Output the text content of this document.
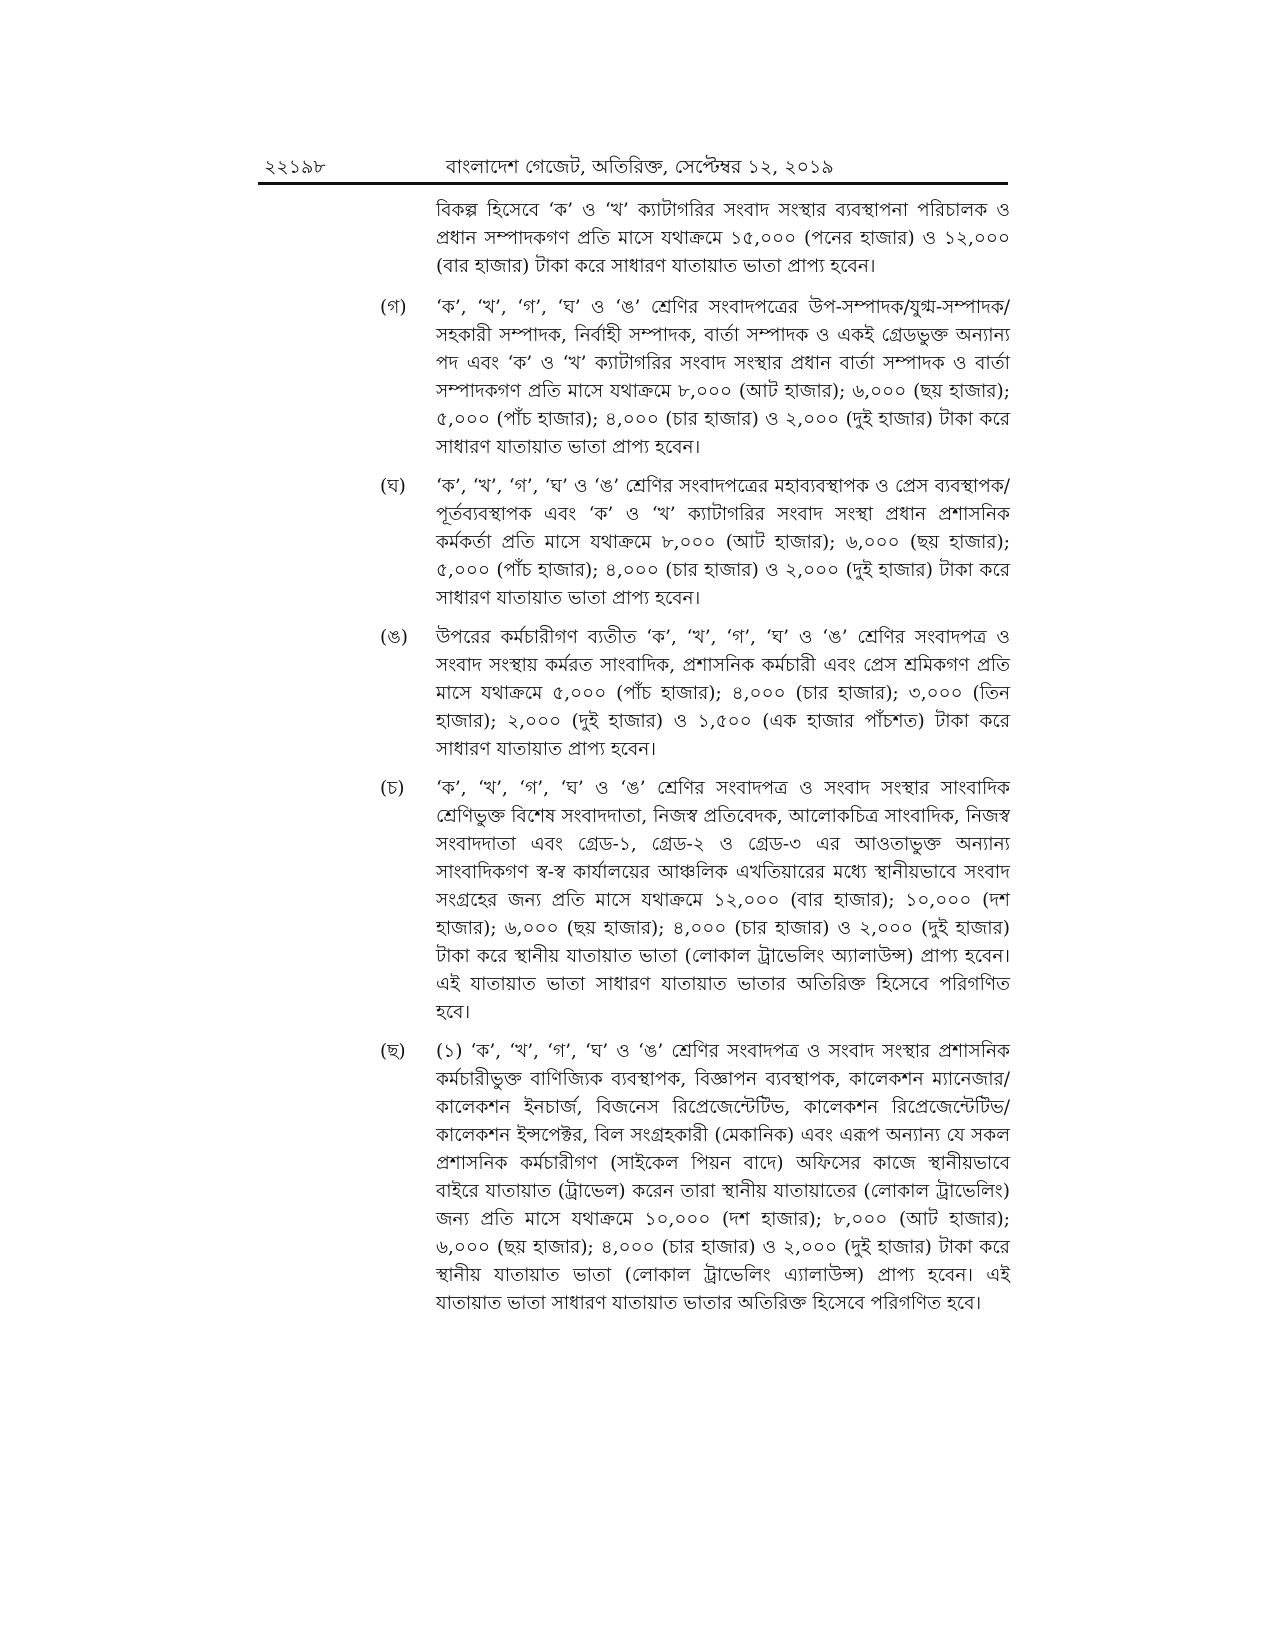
২২১৯৮	বাংলাদেশ গেজেট, অতিরিক্ত, সেপ্টেম্বর ১২, ২০১৯

বিকল্প হিসেবে ‘ক’ ও ‘খ’ ক্যাটাগরির সংবাদ সংস্থার ব্যবস্থাপনা পরিচালক ও প্রধান সম্পাদকগণ প্রতি মাসে যথাক্রমে ১৫,০০০ (পনের হাজার) ও ১২,০০০ (বার হাজার) টাকা করে সাধারণ যাতায়াত ভাতা প্রাপ্য হবেন।

(গ)	‘ক’, ‘খ’, ‘গ’, ‘ঘ’ ও ‘ঙ’ শ্রেণির সংবাদপত্রের উপ-সম্পাদক/যুগ্ম-সম্পাদক/সহকারী সম্পাদক, নির্বাহী সম্পাদক, বার্তা সম্পাদক ও একই গ্রেডভুক্ত অন্যান্য পদ এবং ‘ক’ ও ‘খ’ ক্যাটাগরির সংবাদ সংস্থার প্রধান বার্তা সম্পাদক ও বার্তা সম্পাদকগণ প্রতি মাসে যথাক্রমে ৮,০০০ (আট হাজার); ৬,০০০ (ছয় হাজার); ৫,০০০ (পাঁচ হাজার); ৪,০০০ (চার হাজার) ও ২,০০০ (দুই হাজার) টাকা করে সাধারণ যাতায়াত ভাতা প্রাপ্য হবেন।

(ঘ)	‘ক’, ‘খ’, ‘গ’, ‘ঘ’ ও ‘ঙ’ শ্রেণির সংবাদপত্রের মহাব্যবস্থাপক ও প্রেস ব্যবস্থাপক/পূর্তব্যবস্থাপক এবং ‘ক’ ও ‘খ’ ক্যাটাগরির সংবাদ সংস্থা প্রধান প্রশাসনিক কর্মকর্তা প্রতি মাসে যথাক্রমে ৮,০০০ (আট হাজার); ৬,০০০ (ছয় হাজার); ৫,০০০ (পাঁচ হাজার); ৪,০০০ (চার হাজার) ও ২,০০০ (দুই হাজার) টাকা করে সাধারণ যাতায়াত ভাতা প্রাপ্য হবেন।

(ঙ)	উপরের কর্মচারীগণ ব্যতীত ‘ক’, ‘খ’, ‘গ’, ‘ঘ’ ও ‘ঙ’ শ্রেণির সংবাদপত্র ও সংবাদ সংস্থায় কর্মরত সাংবাদিক, প্রশাসনিক কর্মচারী এবং প্রেস শ্রমিকগণ প্রতি মাসে যথাক্রমে ৫,০০০ (পাঁচ হাজার); ৪,০০০ (চার হাজার); ৩,০০০ (তিন হাজার); ২,০০০ (দুই হাজার) ও ১,৫০০ (এক হাজার পাঁচশত) টাকা করে সাধারণ যাতায়াত প্রাপ্য হবেন।

(চ)	‘ক’, ‘খ’, ‘গ’, ‘ঘ’ ও ‘ঙ’ শ্রেণির সংবাদপত্র ও সংবাদ সংস্থার সাংবাদিক শ্রেণিভুক্ত বিশেষ সংবাদদাতা, নিজস্ব প্রতিবেদক, আলোকচিত্র সাংবাদিক, নিজস্ব সংবাদদাতা এবং গ্রেড-১, গ্রেড-২ ও গ্রেড-৩ এর আওতাভুক্ত অন্যান্য সাংবাদিকগণ স্ব-স্ব কার্যালয়ের আঞ্চলিক এখতিয়ারের মধ্যে স্থানীয়ভাবে সংবাদ সংগ্রহের জন্য প্রতি মাসে যথাক্রমে ১২,০০০ (বার হাজার); ১০,০০০ (দশ হাজার); ৬,০০০ (ছয় হাজার); ৪,০০০ (চার হাজার) ও ২,০০০ (দুই হাজার) টাকা করে স্থানীয় যাতায়াত ভাতা (লোকাল ট্রাভেলিং অ্যালাউন্স) প্রাপ্য হবেন। এই যাতায়াত ভাতা সাধারণ যাতায়াত ভাতার অতিরিক্ত হিসেবে পরিগণিত হবে।

(ছ)	(১) ‘ক’, ‘খ’, ‘গ’, ‘ঘ’ ও ‘ঙ’ শ্রেণির সংবাদপত্র ও সংবাদ সংস্থার প্রশাসনিক কর্মচারীভুক্ত বাণিজ্যিক ব্যবস্থাপক, বিজ্ঞাপন ব্যবস্থাপক, কালেকশন ম্যানেজার/কালেকশন ইনচার্জ, বিজনেস রিপ্রেজেন্টেটিভ, কালেকশন রিপ্রেজেন্টেটিভ/কালেকশন ইন্সপেক্টর, বিল সংগ্রহকারী (মেকানিক) এবং এরূপ অন্যান্য যে সকল প্রশাসনিক কর্মচারীগণ (সাইকেল পিয়ন বাদে) অফিসের কাজে স্থানীয়ভাবে বাইরে যাতায়াত (ট্রাভেল) করেন তারা স্থানীয় যাতায়াতের (লোকাল ট্রাভেলিং) জন্য প্রতি মাসে যথাক্রমে ১০,০০০ (দশ হাজার); ৮,০০০ (আট হাজার); ৬,০০০ (ছয় হাজার); ৪,০০০ (চার হাজার) ও ২,০০০ (দুই হাজার) টাকা করে স্থানীয় যাতায়াত ভাতা (লোকাল ট্রাভেলিং এ্যালাউন্স) প্রাপ্য হবেন। এই যাতায়াত ভাতা সাধারণ যাতায়াত ভাতার অতিরিক্ত হিসেবে পরিগণিত হবে।
